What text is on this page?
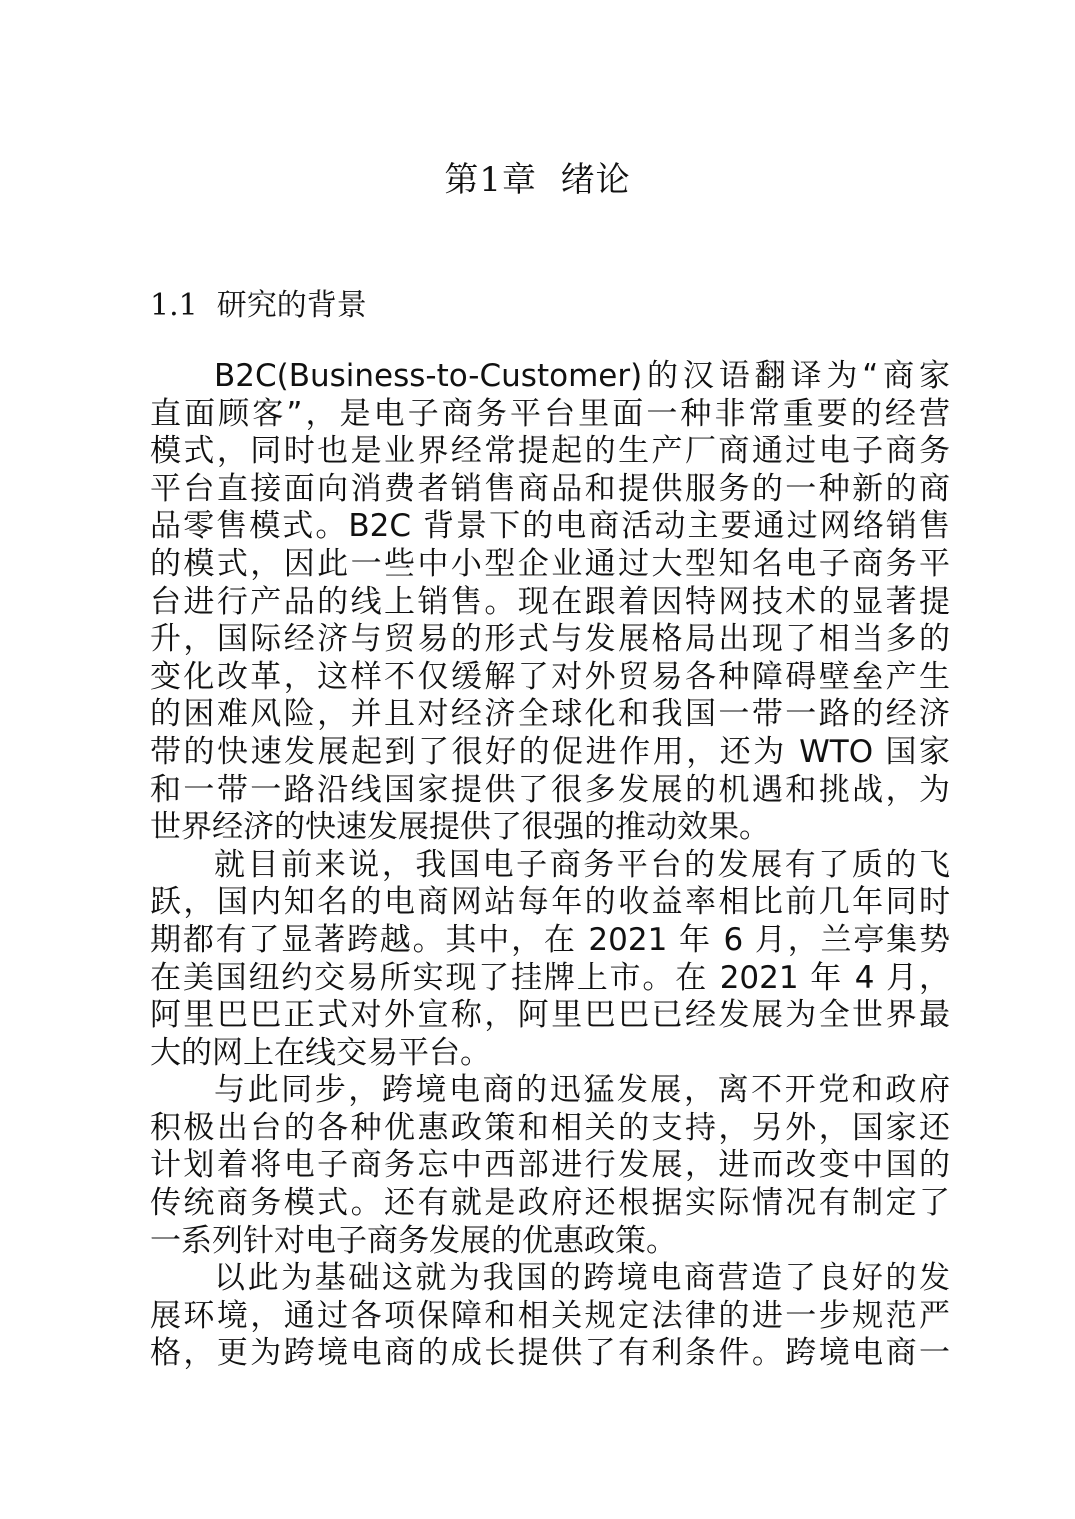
第1章  绪论
1.1  研究的背景
B2C(Business-to-Customer)的汉语翻译为“商家
直面顾客”，是电子商务平台里面一种非常重要的经营
模式，同时也是业界经常提起的生产厂商通过电子商务
平台直接面向消费者销售商品和提供服务的一种新的商
品零售模式。B2C 背景下的电商活动主要通过网络销售
的模式，因此一些中小型企业通过大型知名电子商务平
台进行产品的线上销售。现在跟着因特网技术的显著提
升，国际经济与贸易的形式与发展格局出现了相当多的
变化改革，这样不仅缓解了对外贸易各种障碍壁垒产生
的困难风险，并且对经济全球化和我国一带一路的经济
带的快速发展起到了很好的促进作用，还为 WTO 国家
和一带一路沿线国家提供了很多发展的机遇和挑战，为
世界经济的快速发展提供了很强的推动效果。
就目前来说，我国电子商务平台的发展有了质的飞
跃，国内知名的电商网站每年的收益率相比前几年同时
期都有了显著跨越。其中，在 2021 年 6 月，兰亭集势
在美国纽约交易所实现了挂牌上市。在 2021 年 4 月，
阿里巴巴正式对外宣称，阿里巴巴已经发展为全世界最
大的网上在线交易平台。
与此同步，跨境电商的迅猛发展，离不开党和政府
积极出台的各种优惠政策和相关的支持，另外，国家还
计划着将电子商务忘中西部进行发展，进而改变中国的
传统商务模式。还有就是政府还根据实际情况有制定了
一系列针对电子商务发展的优惠政策。
以此为基础这就为我国的跨境电商营造了良好的发
展环境，通过各项保障和相关规定法律的进一步规范严
格，更为跨境电商的成长提供了有利条件。跨境电商一
